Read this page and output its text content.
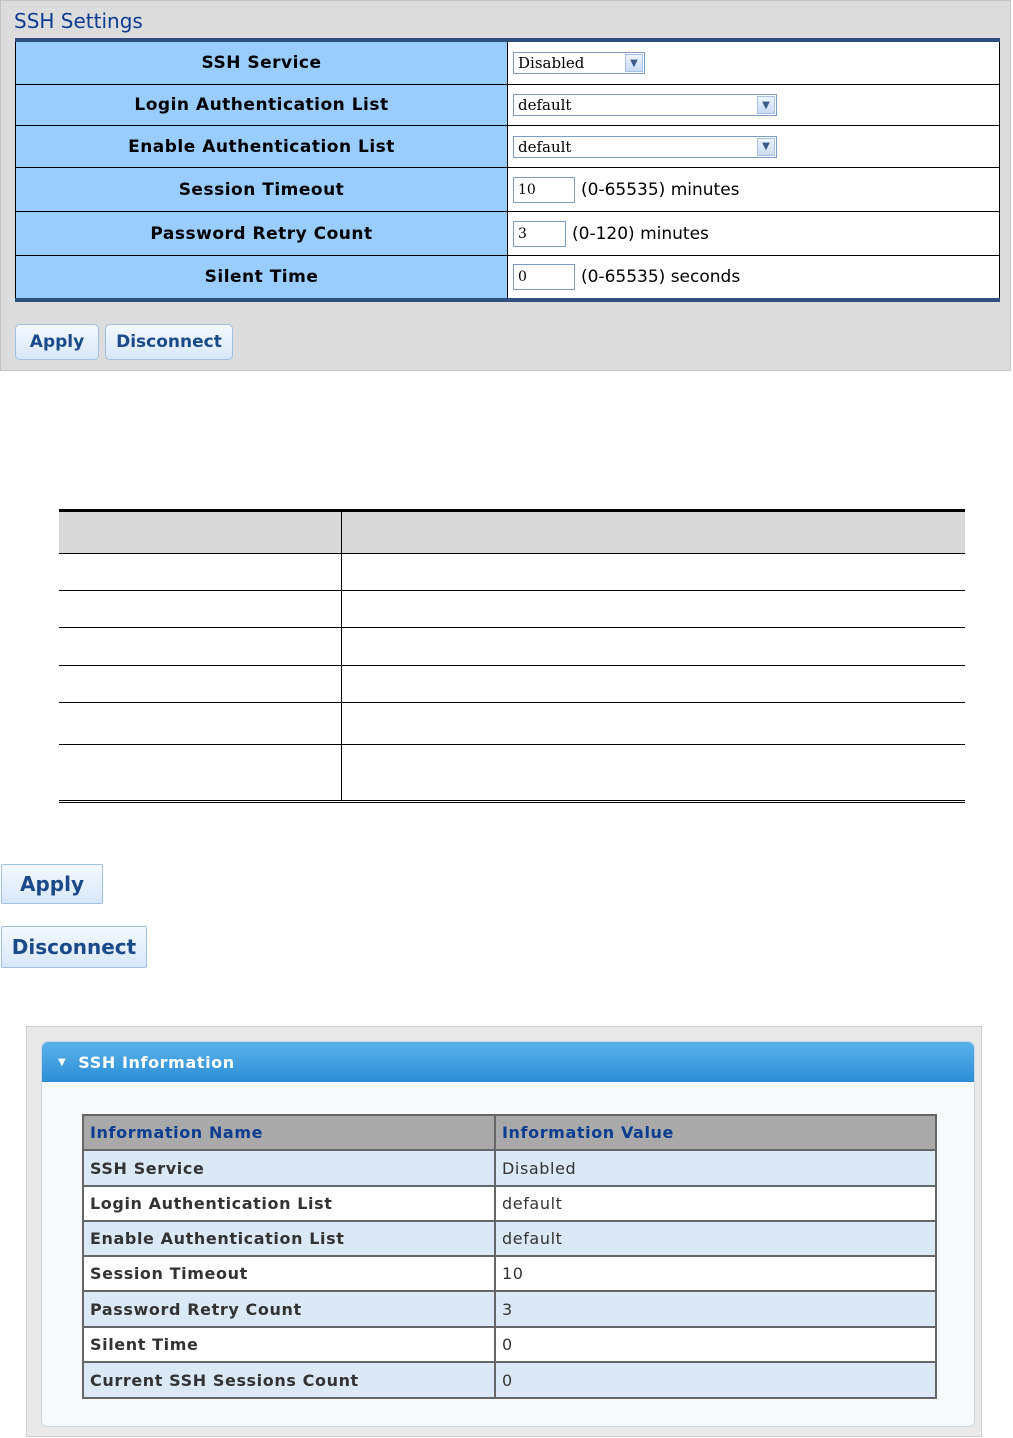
SSH Settings
SSH Service	Disabled	▼
Login Authentication List	default	▼
Enable Authentication List	default	▼
Session Timeout	10	(0-65535) minutes
Password Retry Count	3	(0-120) minutes
Silent Time	0	(0-65535) seconds
Apply	Disconnect
Apply
Disconnect
▼ SSH Information
Information Name	Information Value
SSH Service	Disabled
Login Authentication List	default
Enable Authentication List	default
Session Timeout	10
Password Retry Count	3
Silent Time	0
Current SSH Sessions Count	0
